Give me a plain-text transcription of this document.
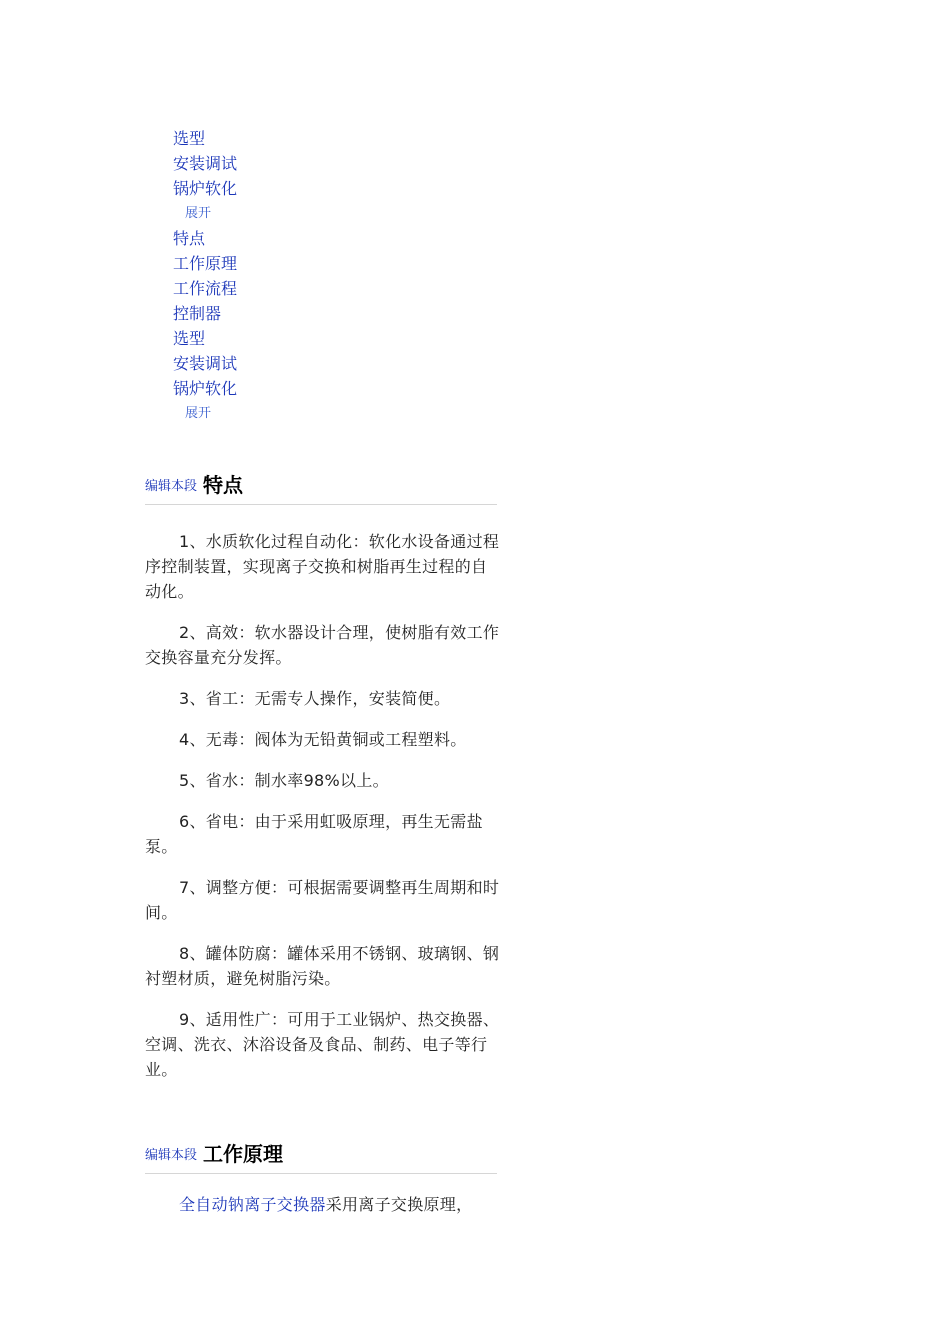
选型
安装调试
锅炉软化
展开
特点
工作原理
工作流程
控制器
选型
安装调试
锅炉软化
展开
编辑本段 特点

1、水质软化过程自动化：软化水设备通过程序控制装置，实现离子交换和树脂再生过程的自动化。

2、高效：软水器设计合理，使树脂有效工作交换容量充分发挥。

3、省工：无需专人操作，安装简便。

4、无毒：阀体为无铅黄铜或工程塑料。

5、省水：制水率98%以上。

6、省电：由于采用虹吸原理，再生无需盐泵。

7、调整方便：可根据需要调整再生周期和时间。

8、罐体防腐：罐体采用不锈钢、玻璃钢、钢衬塑材质，避免树脂污染。

9、适用性广：可用于工业锅炉、热交换器、空调、洗衣、沐浴设备及食品、制药、电子等行业。

编辑本段 工作原理

全自动钠离子交换器采用离子交换原理，
